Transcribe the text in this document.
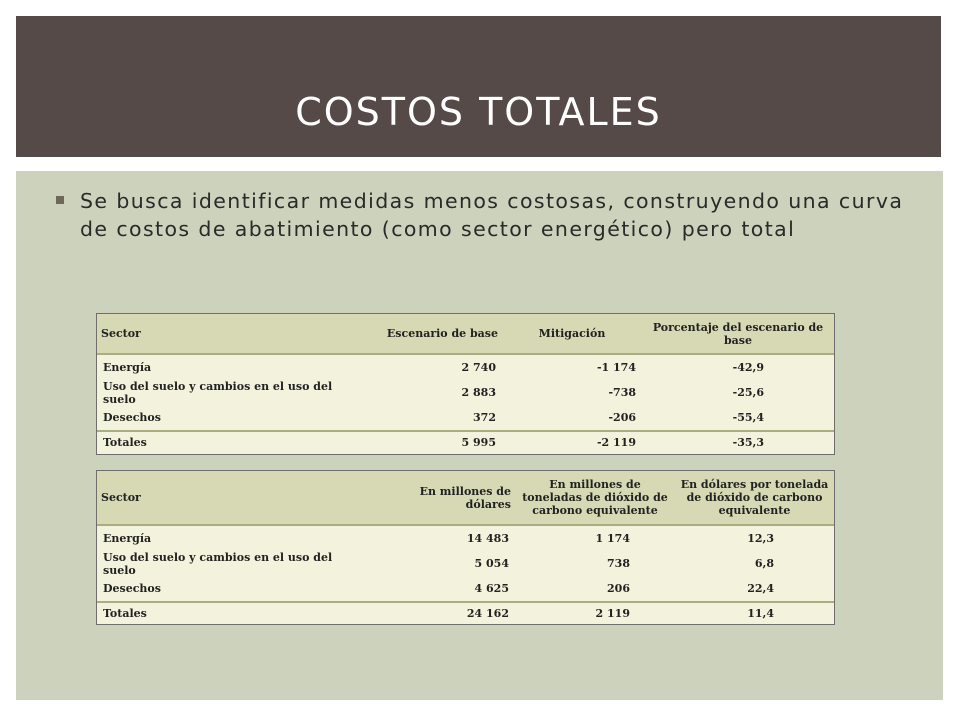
COSTOS TOTALES
Se busca identificar medidas menos costosas, construyendo una curva de costos de abatimiento (como sector energético) pero total
Sector	Escenario de base	Mitigación	Porcentaje del escenario de base
Energía	2 740	-1 174	-42,9
Uso del suelo y cambios en el uso del suelo	2 883	-738	-25,6
Desechos	372	-206	-55,4
Totales	5 995	-2 119	-35,3
Sector	En millones de dólares	En millones de toneladas de dióxido de carbono equivalente	En dólares por tonelada de dióxido de carbono equivalente
Energía	14 483	1 174	12,3
Uso del suelo y cambios en el uso del suelo	5 054	738	6,8
Desechos	4 625	206	22,4
Totales	24 162	2 119	11,4
